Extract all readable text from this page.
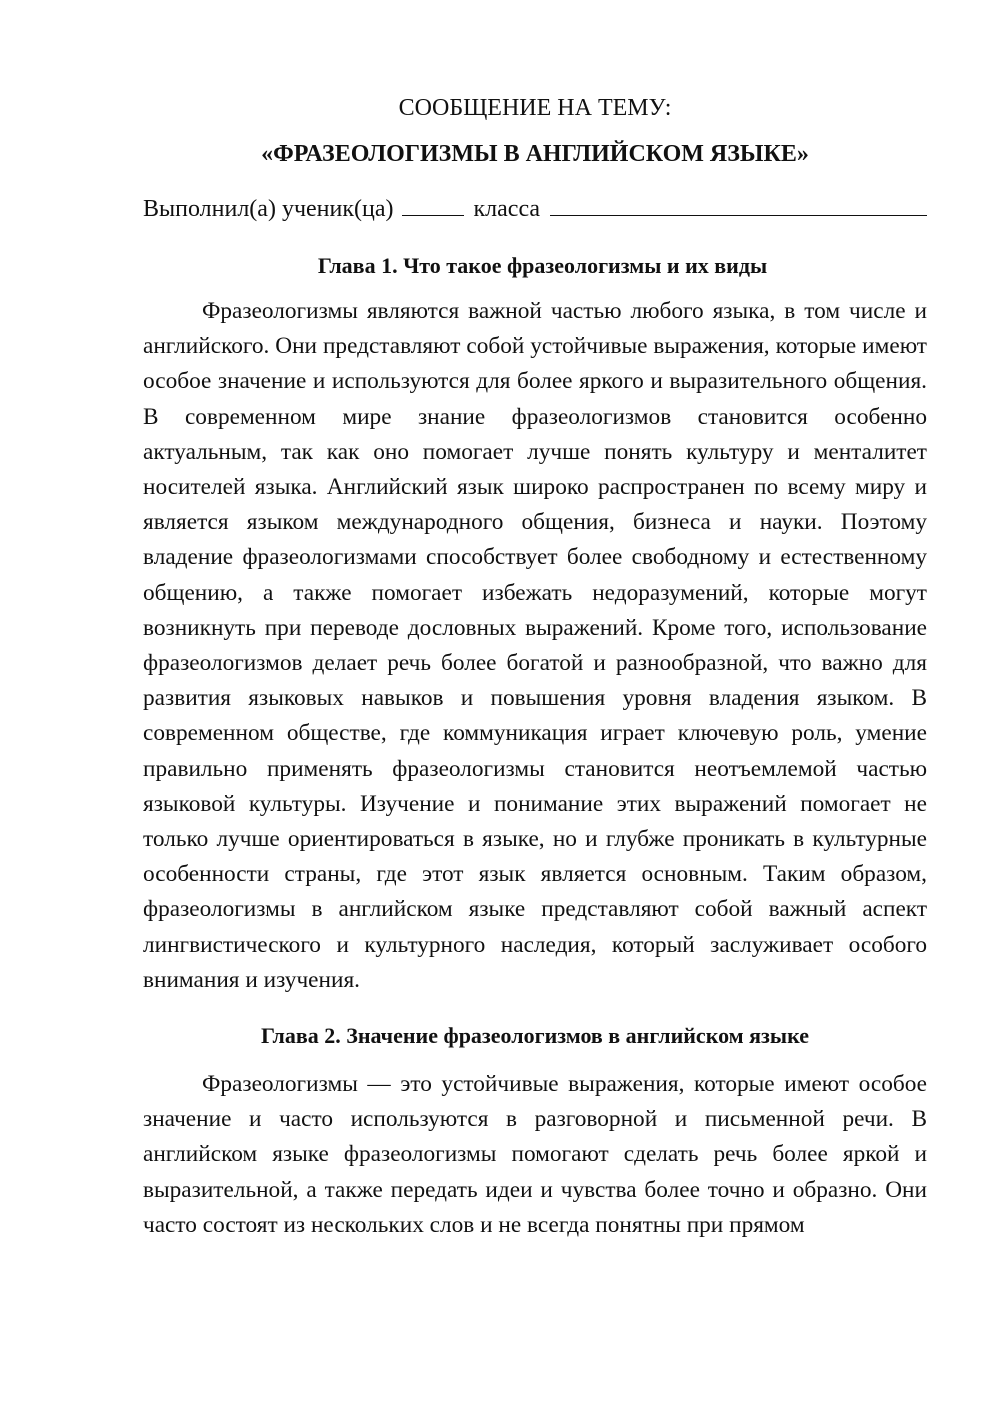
СООБЩЕНИЕ НА ТЕМУ:

«ФРАЗЕОЛОГИЗМЫ В АНГЛИЙСКОМ ЯЗЫКЕ»

Выполнил(а) ученик(ца)	класса
Глава 1. Что такое фразеологизмы и их виды

Фразеологизмы являются важной частью любого языка, в том числе и английского. Они представляют собой устойчивые выражения, которые имеют особое значение и используются для более яркого и выразительного общения. В современном мире знание фразеологизмов становится особенно актуальным, так как оно помогает лучше понять культуру и менталитет носителей языка. Английский язык широко распространен по всему миру и является языком международного общения, бизнеса и науки. Поэтому владение фразеологизмами способствует более свободному и естественному общению, а также помогает избежать недоразумений, которые могут возникнуть при переводе дословных выражений. Кроме того, использование фразеологизмов делает речь более богатой и разнообразной, что важно для развития языковых навыков и повышения уровня владения языком. В современном обществе, где коммуникация играет ключевую роль, умение правильно применять фразеологизмы становится неотъемлемой частью языковой культуры. Изучение и понимание этих выражений помогает не только лучше ориентироваться в языке, но и глубже проникать в культурные особенности страны, где этот язык является основным. Таким образом, фразеологизмы в английском языке представляют собой важный аспект лингвистического и культурного наследия, который заслуживает особого внимания и изучения.

Глава 2. Значение фразеологизмов в английском языке

Фразеологизмы — это устойчивые выражения, которые имеют особое значение и часто используются в разговорной и письменной речи. В английском языке фразеологизмы помогают сделать речь более яркой и выразительной, а также передать идеи и чувства более точно и образно. Они часто состоят из нескольких слов и не всегда понятны при прямом
